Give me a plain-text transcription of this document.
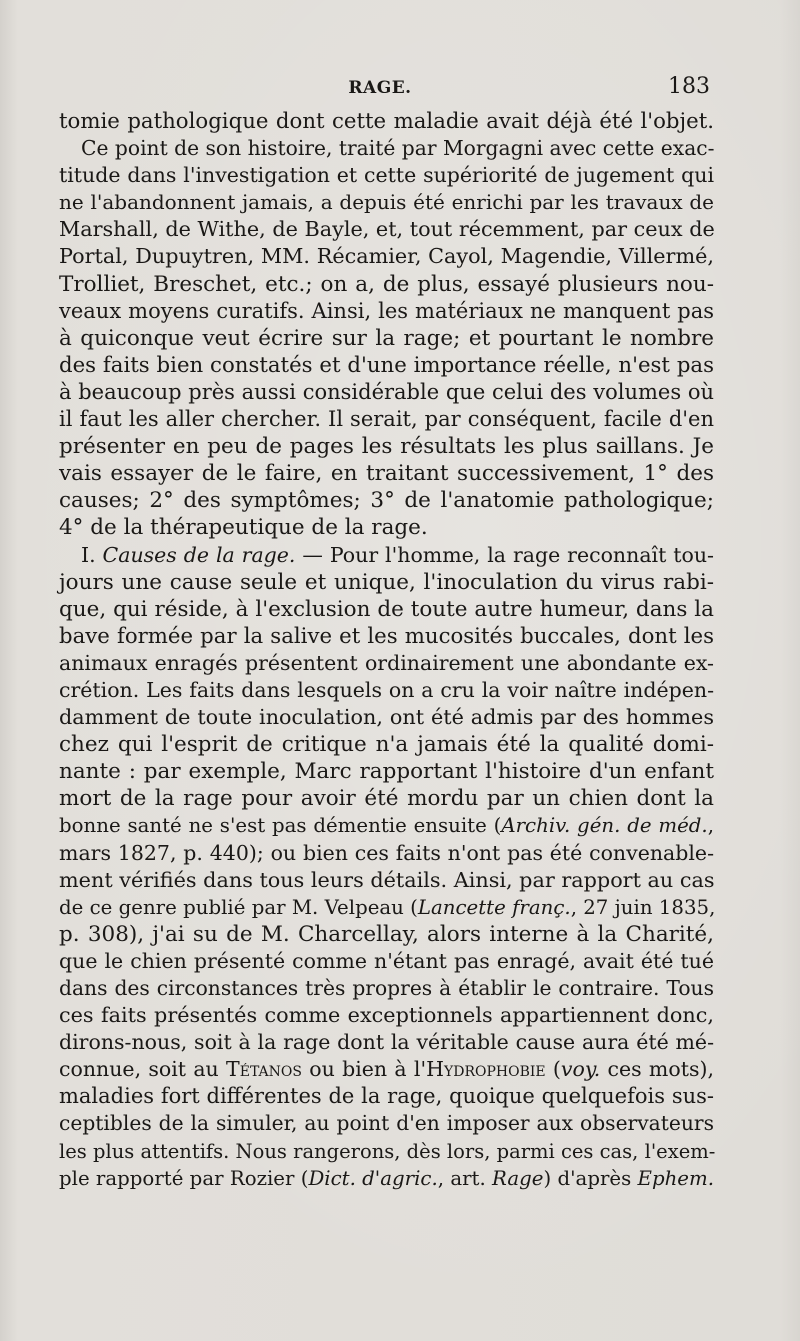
RAGE.	183
tomie pathologique dont cette maladie avait déjà été l'objet.
Ce point de son histoire, traité par Morgagni avec cette exac-
titude dans l'investigation et cette supériorité de jugement qui
ne l'abandonnent jamais, a depuis été enrichi par les travaux de
Marshall, de Withe, de Bayle, et, tout récemment, par ceux de
Portal, Dupuytren, MM. Récamier, Cayol, Magendie, Villermé,
Trolliet, Breschet, etc.; on a, de plus, essayé plusieurs nou-
veaux moyens curatifs. Ainsi, les matériaux ne manquent pas
à quiconque veut écrire sur la rage; et pourtant le nombre
des faits bien constatés et d'une importance réelle, n'est pas
à beaucoup près aussi considérable que celui des volumes où
il faut les aller chercher. Il serait, par conséquent, facile d'en
présenter en peu de pages les résultats les plus saillans. Je
vais essayer de le faire, en traitant successivement, 1° des
causes; 2° des symptômes; 3° de l'anatomie pathologique;
4° de la thérapeutique de la rage.
I. Causes de la rage. — Pour l'homme, la rage reconnaît tou-
jours une cause seule et unique, l'inoculation du virus rabi-
que, qui réside, à l'exclusion de toute autre humeur, dans la
bave formée par la salive et les mucosités buccales, dont les
animaux enragés présentent ordinairement une abondante ex-
crétion. Les faits dans lesquels on a cru la voir naître indépen-
damment de toute inoculation, ont été admis par des hommes
chez qui l'esprit de critique n'a jamais été la qualité domi-
nante : par exemple, Marc rapportant l'histoire d'un enfant
mort de la rage pour avoir été mordu par un chien dont la
bonne santé ne s'est pas démentie ensuite (Archiv. gén. de méd.,
mars 1827, p. 440); ou bien ces faits n'ont pas été convenable-
ment vérifiés dans tous leurs détails. Ainsi, par rapport au cas
de ce genre publié par M. Velpeau (Lancette franç., 27 juin 1835,
p. 308), j'ai su de M. Charcellay, alors interne à la Charité,
que le chien présenté comme n'étant pas enragé, avait été tué
dans des circonstances très propres à établir le contraire. Tous
ces faits présentés comme exceptionnels appartiennent donc,
dirons-nous, soit à la rage dont la véritable cause aura été mé-
connue, soit au Tétanos ou bien à l'Hydrophobie (voy. ces mots),
maladies fort différentes de la rage, quoique quelquefois sus-
ceptibles de la simuler, au point d'en imposer aux observateurs
les plus attentifs. Nous rangerons, dès lors, parmi ces cas, l'exem-
ple rapporté par Rozier (Dict. d'agric., art. Rage) d'après Ephem.
